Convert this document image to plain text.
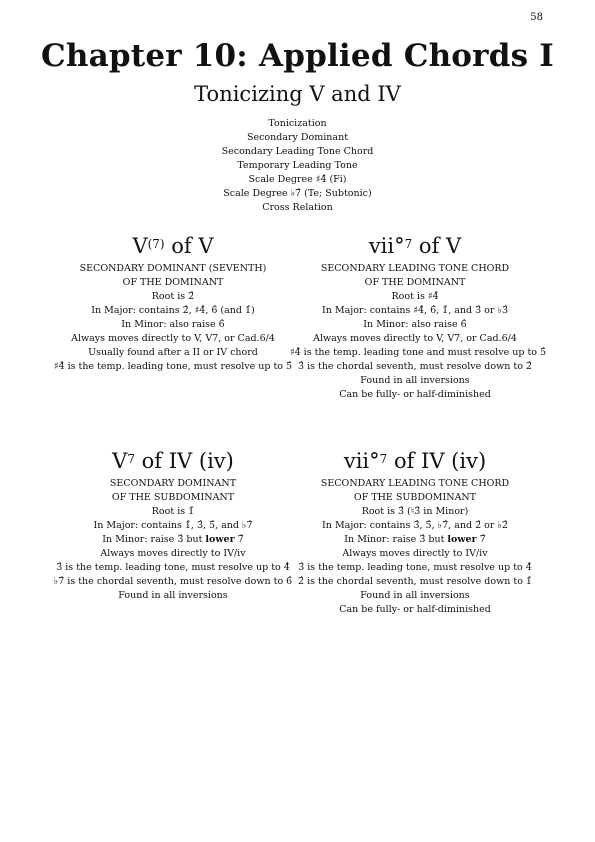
58
Chapter 10: Applied Chords I
Tonicizing V and IV
Tonicization
Secondary Dominant
Secondary Leading Tone Chord
Temporary Leading Tone
Scale Degree ♯4̂ (Fi)
Scale Degree ♭7̂ (Te; Subtonic)
Cross Relation
$V^{(7)}$ of V
SECONDARY DOMINANT (SEVENTH)
OF THE DOMINANT
Root is 2̂
In Major: contains 2̂, ♯4̂, 6̂ (and 1̂)
In Minor: also raise 6̂
Always moves directly to V, V7, or Cad.6/4
Usually found after a II or IV chord
♯4̂ is the temp. leading tone, must resolve up to 5̂
vii°$^7$ of V
SECONDARY LEADING TONE CHORD
OF THE DOMINANT
Root is ♯4̂
In Major: contains ♯4̂, 6̂, 1̂, and 3̂ or ♭3̂
In Minor: also raise 6̂
Always moves directly to V, V7, or Cad.6/4
♯4̂ is the temp. leading tone and must resolve up to 5̂
3̂ is the chordal seventh, must resolve down to 2̂
Found in all inversions
Can be fully- or half-diminished
$V^7$ of IV (iv)
SECONDARY DOMINANT
OF THE SUBDOMINANT
Root is 1̂
In Major: contains 1̂, 3̂, 5̂, and ♭7̂
In Minor: raise 3̂ but lower 7̂
Always moves directly to IV/iv
3̂ is the temp. leading tone, must resolve up to 4̂
♭7̂ is the chordal seventh, must resolve down to 6̂
Found in all inversions
vii°$^7$ of IV (iv)
SECONDARY LEADING TONE CHORD
OF THE SUBDOMINANT
Root is 3̂ (♮3̂ in Minor)
In Major: contains 3̂, 5̂, ♭7̂, and 2̂ or ♭2̂
In Minor: raise 3̂ but lower 7̂
Always moves directly to IV/iv
3̂ is the temp. leading tone, must resolve up to 4̂
2̂ is the chordal seventh, must resolve down to 1̂
Found in all inversions
Can be fully- or half-diminished
